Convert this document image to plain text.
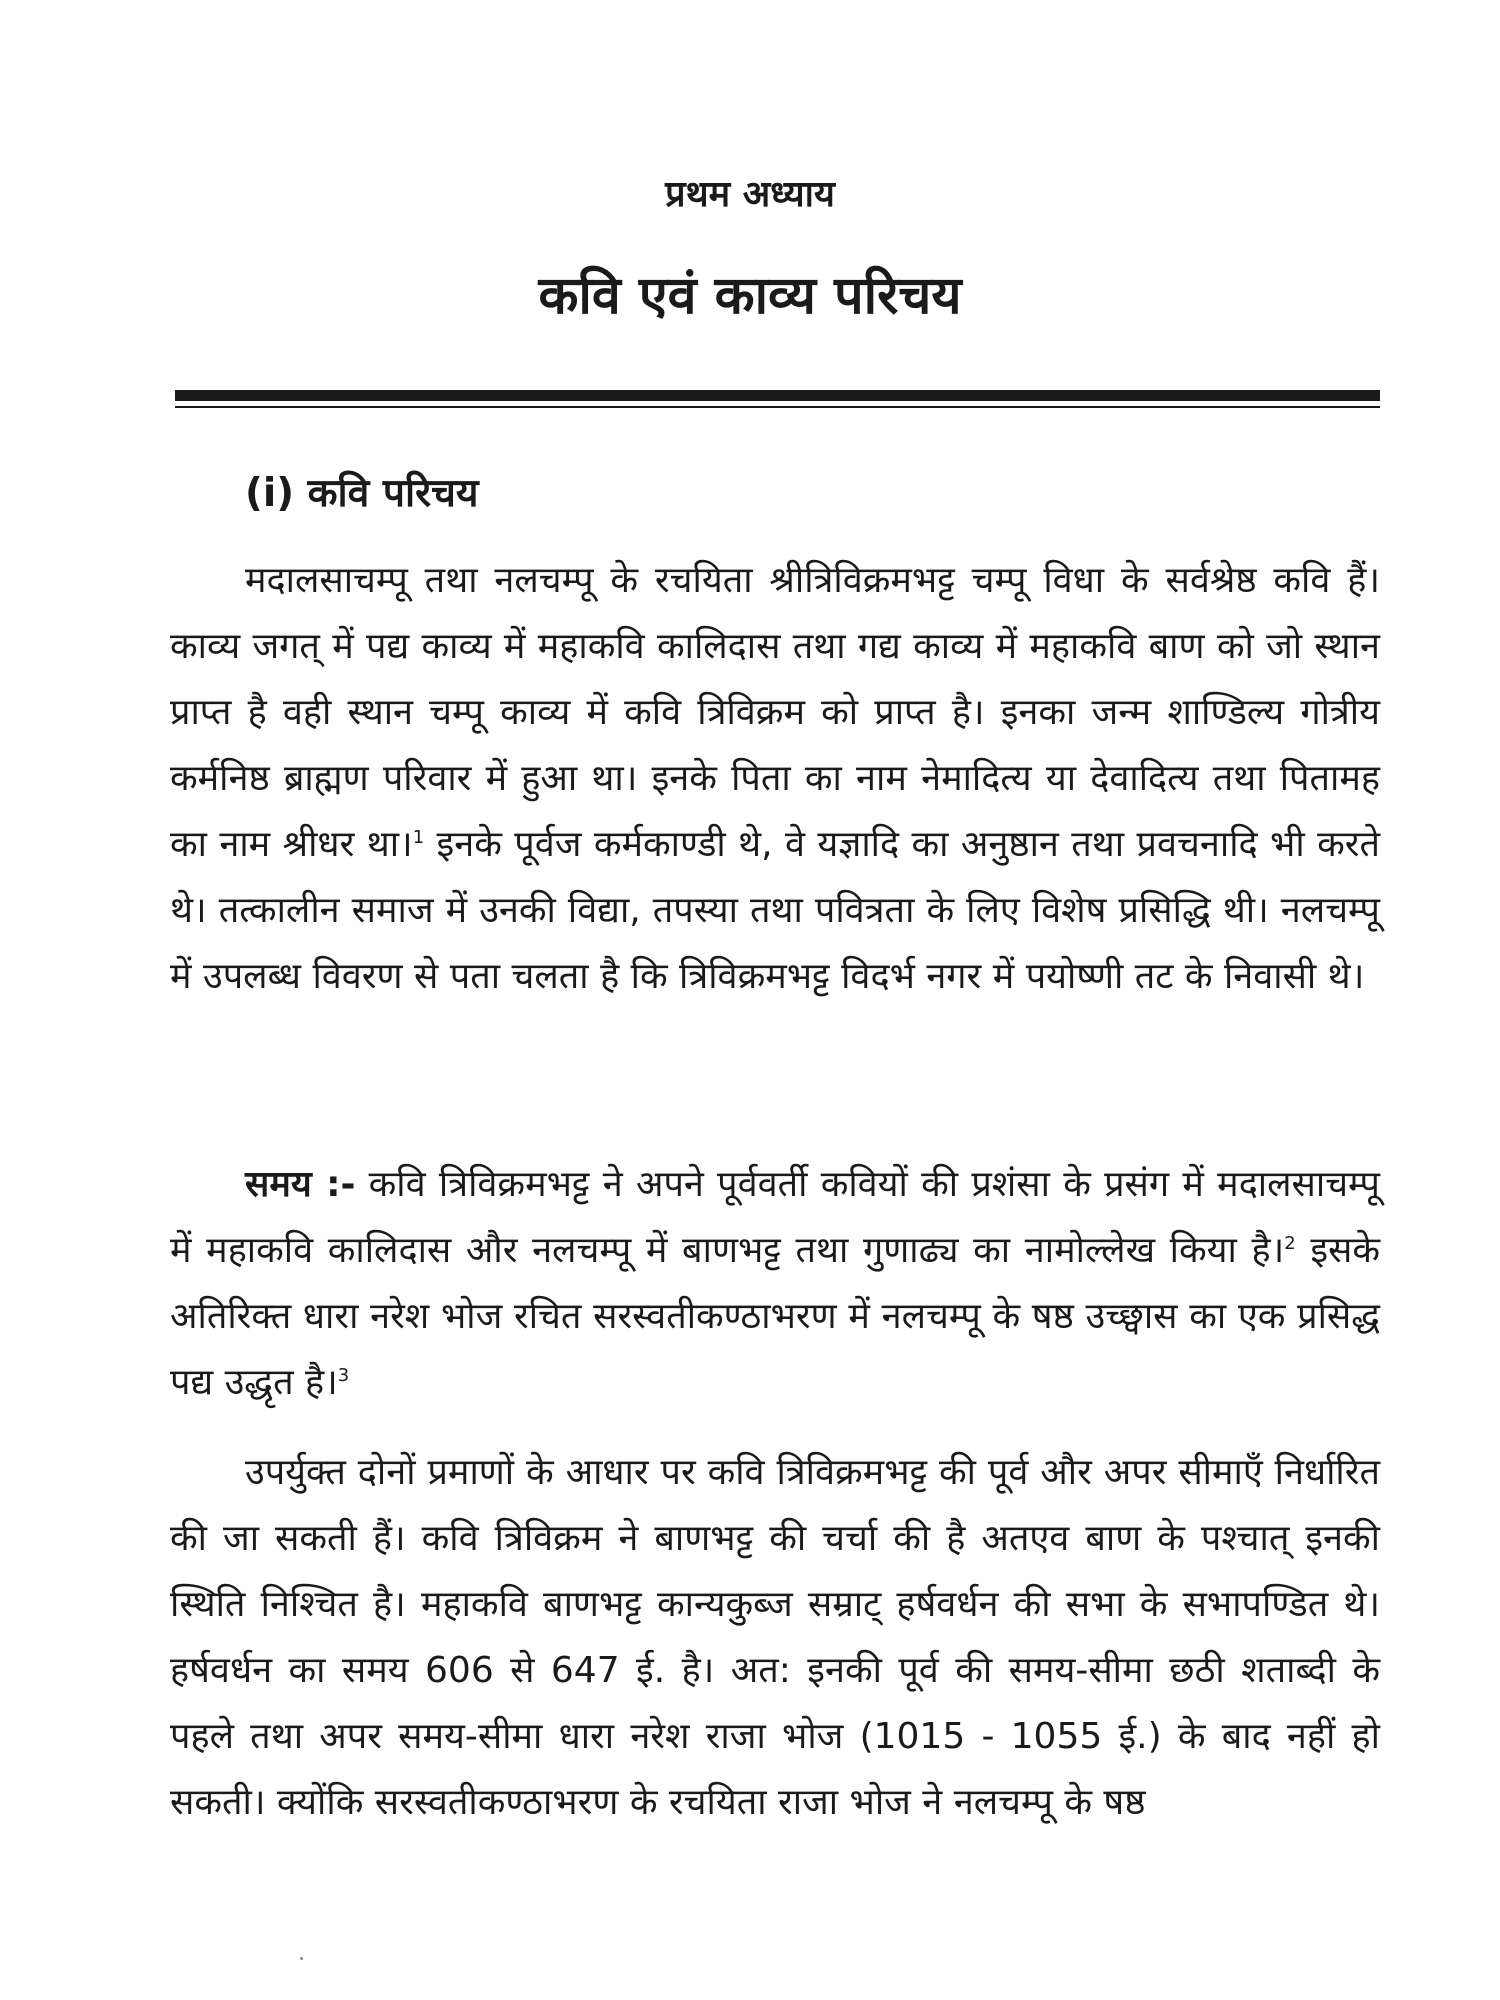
प्रथम अध्याय
कवि एवं काव्य परिचय
(i) कवि परिचय

मदालसाचम्पू तथा नलचम्पू के रचयिता श्रीत्रिविक्रमभट्ट चम्पू विधा के सर्वश्रेष्ठ कवि हैं। काव्य जगत् में पद्य काव्य में महाकवि कालिदास तथा गद्य काव्य में महाकवि बाण को जो स्थान प्राप्त है वही स्थान चम्पू काव्य में कवि त्रिविक्रम को प्राप्त है। इनका जन्म शाण्डिल्य गोत्रीय कर्मनिष्ठ ब्राह्मण परिवार में हुआ था। इनके पिता का नाम नेमादित्य या देवादित्य तथा पितामह का नाम श्रीधर था।$^1$ इनके पूर्वज कर्मकाण्डी थे, वे यज्ञादि का अनुष्ठान तथा प्रवचनादि भी करते थे। तत्कालीन समाज में उनकी विद्या, तपस्या तथा पवित्रता के लिए विशेष प्रसिद्धि थी। नलचम्पू में उपलब्ध विवरण से पता चलता है कि त्रिविक्रमभट्ट विदर्भ नगर में पयोष्णी तट के निवासी थे।

समय :- कवि त्रिविक्रमभट्ट ने अपने पूर्ववर्ती कवियों की प्रशंसा के प्रसंग में मदालसाचम्पू में महाकवि कालिदास और नलचम्पू में बाणभट्ट तथा गुणाढ्य का नामोल्लेख किया है।$^2$ इसके अतिरिक्त धारा नरेश भोज रचित सरस्वतीकण्ठाभरण में नलचम्पू के षष्ठ उच्छ्वास का एक प्रसिद्ध पद्य उद्धृत है।$^3$

उपर्युक्त दोनों प्रमाणों के आधार पर कवि त्रिविक्रमभट्ट की पूर्व और अपर सीमाएँ निर्धारित की जा सकती हैं। कवि त्रिविक्रम ने बाणभट्ट की चर्चा की है अतएव बाण के पश्चात् इनकी स्थिति निश्चित है। महाकवि बाणभट्ट कान्यकुब्ज सम्राट् हर्षवर्धन की सभा के सभापण्डित थे। हर्षवर्धन का समय 606 से 647 ई. है। अत: इनकी पूर्व की समय-सीमा छठी शताब्दी के पहले तथा अपर समय-सीमा धारा नरेश राजा भोज (1015 - 1055 ई.) के बाद नहीं हो सकती। क्योंकि सरस्वतीकण्ठाभरण के रचयिता राजा भोज ने नलचम्पू के षष्ठ
